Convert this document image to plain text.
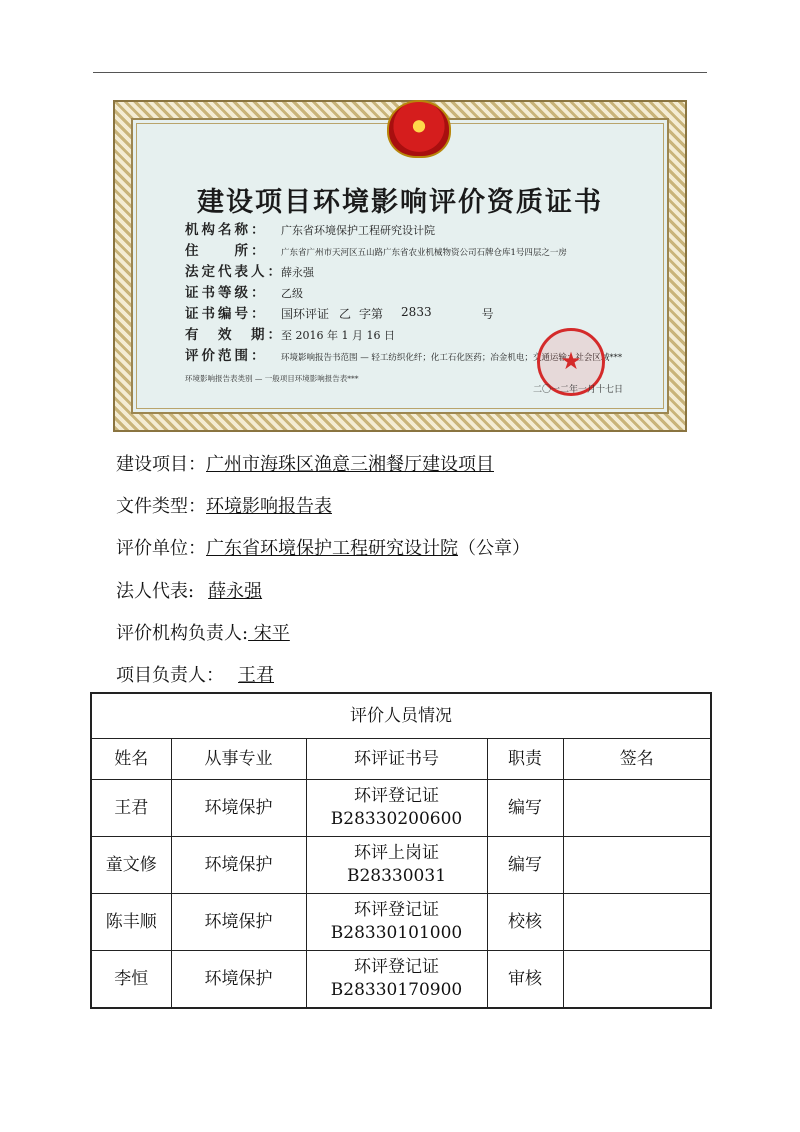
建设项目环境影响评价资质证书
机构名称：	广东省环境保护工程研究设计院
住　　所：	广东省广州市天河区五山路广东省农业机械物资公司石牌仓库1号四层之一房
法定代表人：
薛永强
证书等级：	乙级
证书编号：	国环评证 乙 字第 2833	号
有　效　期：
至 2016 年 1 月 16 日
评价范围：	环境影响报告书范围 — 轻工纺织化纤；化工石化医药；冶金机电；交通运输；社会区域***
环境影响报告表类别 — 一般项目环境影响报告表***
★
二〇一二年一月十七日
建设项目：广州市海珠区渔意三湘餐厅建设项目
文件类型：环境影响报告表
评价单位：广东省环境保护工程研究设计院（公章）
法人代表: 薛永强
评价机构负责人: 宋平
项目负责人： 王君
评价人员情况				
姓名	从事专业	环评证书号	职责	签名
王君	环境保护	环评登记证
B28330200600	编写	
童文修	环境保护	环评上岗证
B28330031	编写	
陈丰顺	环境保护	环评登记证
B28330101000	校核	
李恒	环境保护	环评登记证
B28330170900	审核	
